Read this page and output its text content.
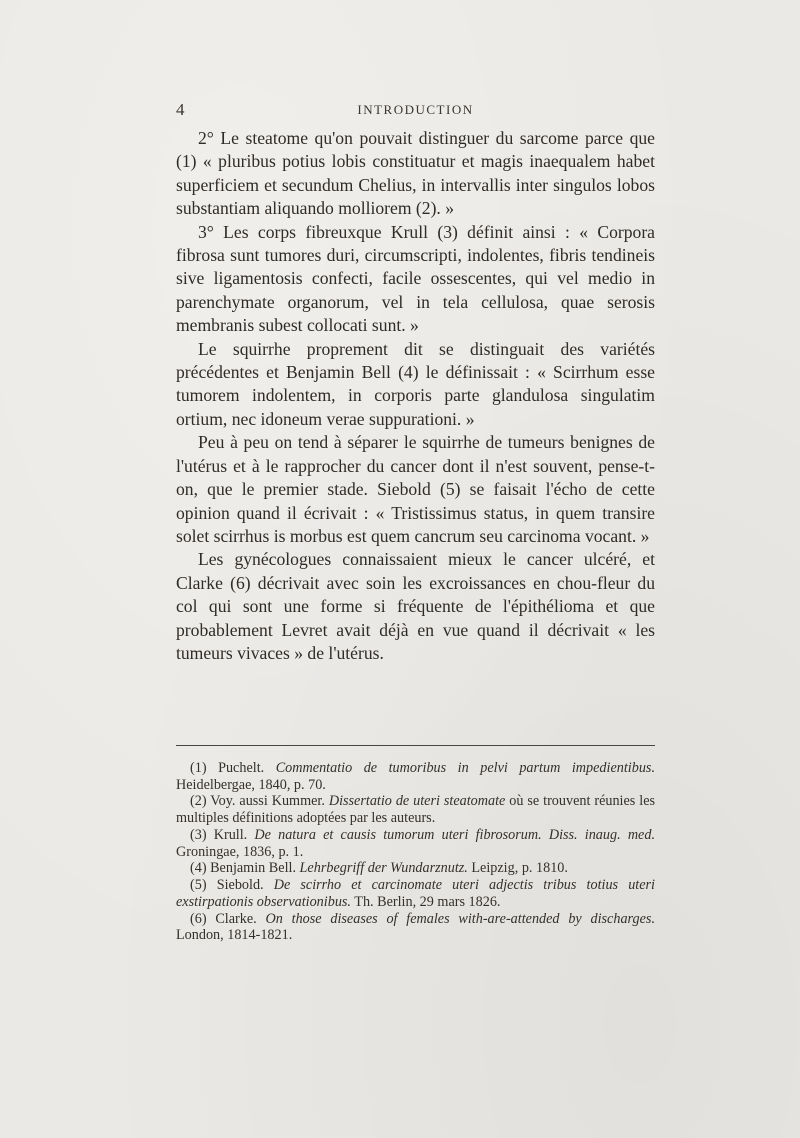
4	INTRODUCTION

2° Le steatome qu'on pouvait distinguer du sarcome parce que (1) « pluribus potius lobis constituatur et magis inaequalem habet superficiem et secundum Chelius, in intervallis inter singulos lobos substantiam aliquando molliorem (2). »

3° Les corps fibreuxque Krull (3) définit ainsi : « Corpora fibrosa sunt tumores duri, circumscripti, indolentes, fibris tendineis sive ligamentosis confecti, facile ossescentes, qui vel medio in parenchymate organorum, vel in tela cellulosa, quae serosis membranis subest collocati sunt. »

Le squirrhe proprement dit se distinguait des variétés précédentes et Benjamin Bell (4) le définissait : « Scirrhum esse tumorem indolentem, in corporis parte glandulosa singulatim ortium, nec idoneum verae suppurationi. »

Peu à peu on tend à séparer le squirrhe de tumeurs benignes de l'utérus et à le rapprocher du cancer dont il n'est souvent, pense-t-on, que le premier stade. Siebold (5) se faisait l'écho de cette opinion quand il écrivait : « Tristissimus status, in quem transire solet scirrhus is morbus est quem cancrum seu carcinoma vocant. »

Les gynécologues connaissaient mieux le cancer ulcéré, et Clarke (6) décrivait avec soin les excroissances en chou-fleur du col qui sont une forme si fréquente de l'épithélioma et que probablement Levret avait déjà en vue quand il décrivait « les tumeurs vivaces » de l'utérus.

(1) Puchelt. Commentatio de tumoribus in pelvi partum impedientibus. Heidelbergae, 1840, p. 70.

(2) Voy. aussi Kummer. Dissertatio de uteri steatomate où se trouvent réunies les multiples définitions adoptées par les auteurs.

(3) Krull. De natura et causis tumorum uteri fibrosorum. Diss. inaug. med. Groningae, 1836, p. 1.

(4) Benjamin Bell. Lehrbegriff der Wundarznutz. Leipzig, p. 1810.

(5) Siebold. De scirrho et carcinomate uteri adjectis tribus totius uteri exstirpationis observationibus. Th. Berlin, 29 mars 1826.

(6) Clarke. On those diseases of females with-are-attended by discharges. London, 1814-1821.
